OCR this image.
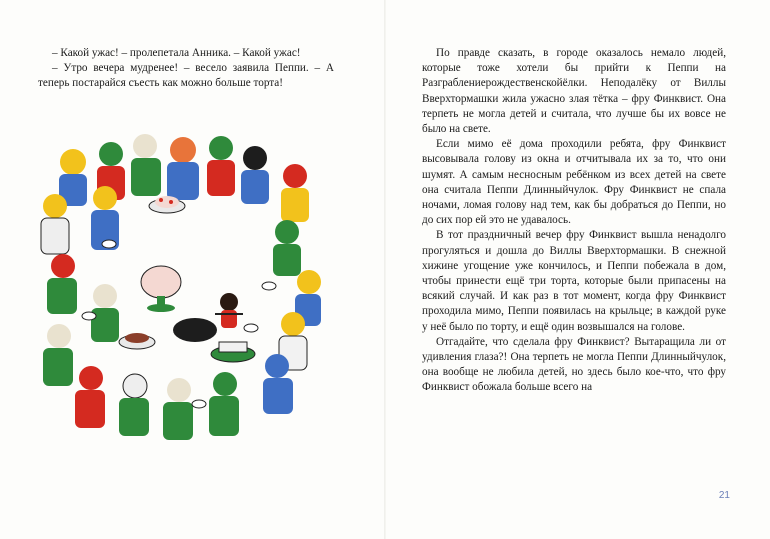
– Какой ужас! – пролепетала Анника. – Какой ужас!

– Утро вечера мудренее! – весело заявила Пеппи. – А теперь постарайся съесть как можно больше торта!

По правде сказать, в городе оказалось немало людей, которые тоже хотели бы прийти к Пеппи на Разграблениерождественскойёлки. Неподалёку от Виллы Вверхтормашки жила ужасно злая тётка – фру Финквист. Она терпеть не могла детей и считала, что лучше бы их вовсе не было на свете.

Если мимо её дома проходили ребята, фру Финквист высовывала голову из окна и отчитывала их за то, что они шумят. А самым несносным ребёнком из всех детей на свете она считала Пеппи Длинныйчулок. Фру Финквист не спала ночами, ломая голову над тем, как бы добраться до Пеппи, но до сих пор ей это не удавалось.

В тот праздничный вечер фру Финквист вышла ненадолго прогуляться и дошла до Виллы Вверхтормашки. В снежной хижине угощение уже кончилось, и Пеппи побежала в дом, чтобы принести ещё три торта, которые были припасены на всякий случай. И как раз в тот момент, когда фру Финквист проходила мимо, Пеппи появилась на крыльце; в каждой руке у неё было по торту, и ещё один возвышался на голове.

Отгадайте, что сделала фру Финквист? Вытаращила ли от удивления глаза?! Она терпеть не могла Пеппи Длинныйчулок, она вообще не любила детей, но здесь было кое-что, что фру Финквист обожала больше всего на

21
